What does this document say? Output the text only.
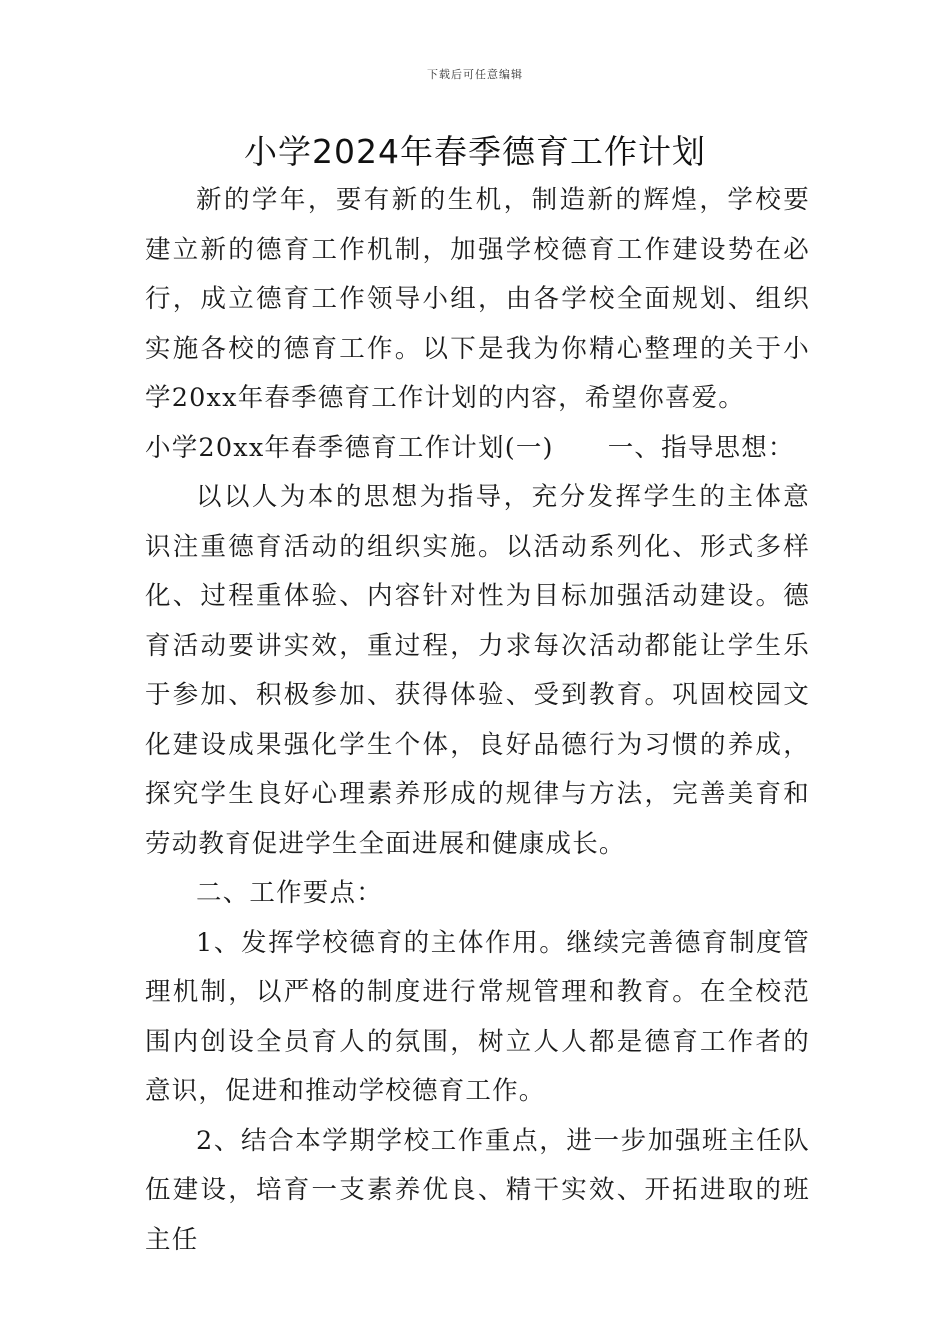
下载后可任意编辑
小学2024年春季德育工作计划

新的学年，要有新的生机，制造新的辉煌，学校要建立新的德育工作机制，加强学校德育工作建设势在必行，成立德育工作领导小组，由各学校全面规划、组织实施各校的德育工作。以下是我为你精心整理的关于小学20xx年春季德育工作计划的内容，希望你喜爱。

小学20xx年春季德育工作计划(一) 一、指导思想：

以以人为本的思想为指导，充分发挥学生的主体意识注重德育活动的组织实施。以活动系列化、形式多样化、过程重体验、内容针对性为目标加强活动建设。德育活动要讲实效，重过程，力求每次活动都能让学生乐于参加、积极参加、获得体验、受到教育。巩固校园文化建设成果强化学生个体，良好品德行为习惯的养成，探究学生良好心理素养形成的规律与方法，完善美育和劳动教育促进学生全面进展和健康成长。

二、工作要点：

1、发挥学校德育的主体作用。继续完善德育制度管理机制，以严格的制度进行常规管理和教育。在全校范围内创设全员育人的氛围，树立人人都是德育工作者的意识，促进和推动学校德育工作。

2、结合本学期学校工作重点，进一步加强班主任队伍建设，培育一支素养优良、精干实效、开拓进取的班主任
